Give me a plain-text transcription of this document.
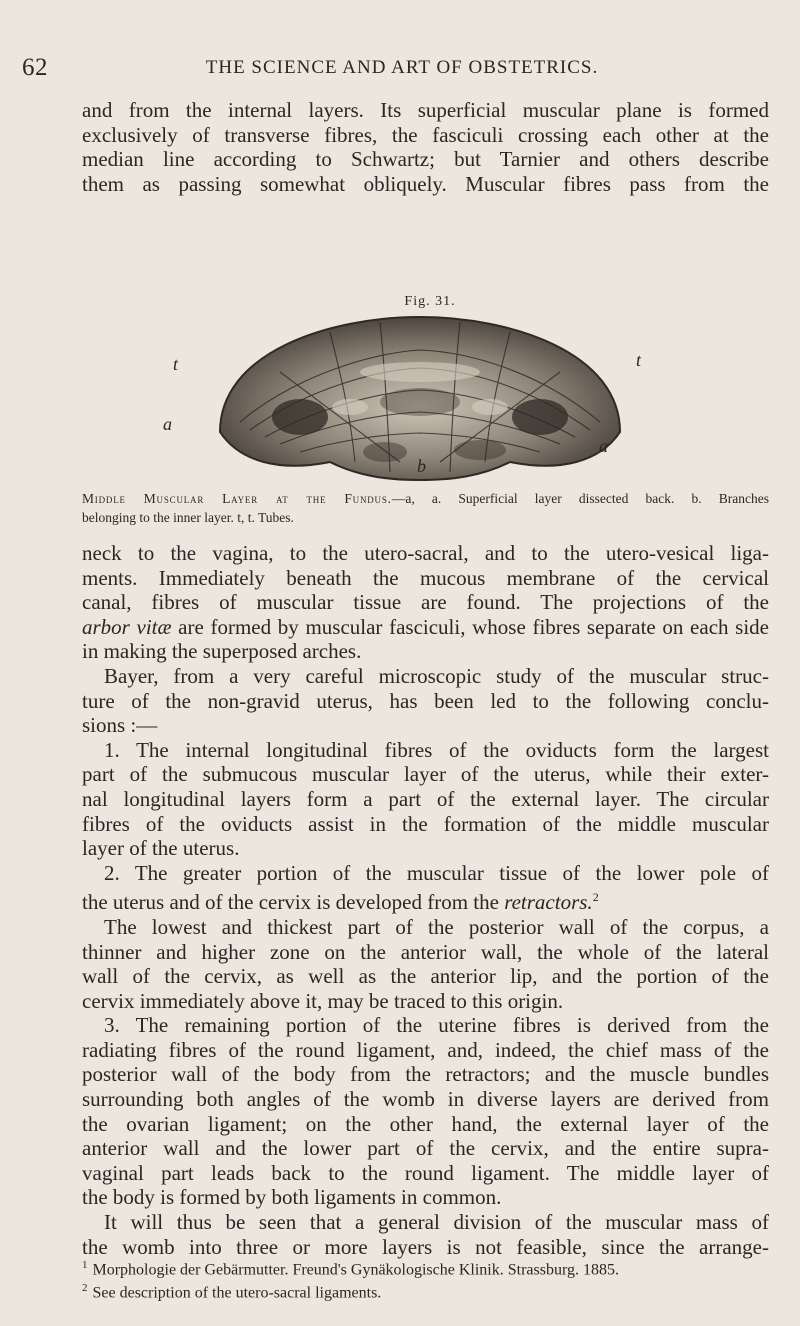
62	THE SCIENCE AND ART OF OBSTETRICS.

and from the internal layers. Its superficial muscular plane is formed

exclusively of transverse fibres, the fasciculi crossing each other at the

median line according to Schwartz; but Tarnier and others describe

them as passing somewhat obliquely. Muscular fibres pass from the

Fig. 31.
t	t
a
a
b

Middle Muscular Layer at the Fundus.—a, a. Superficial layer dissected back. b. Branches

belonging to the inner layer. t, t. Tubes.

neck to the vagina, to the utero-sacral, and to the utero-vesical liga-

ments. Immediately beneath the mucous membrane of the cervical

canal, fibres of muscular tissue are found. The projections of the

arbor vitæ are formed by muscular fasciculi, whose fibres separate on each side

in making the superposed arches.

Bayer, from a very careful microscopic study of the muscular struc-

ture of the non-gravid uterus, has been led to the following conclu-

sions :—

1. The internal longitudinal fibres of the oviducts form the largest

part of the submucous muscular layer of the uterus, while their exter-

nal longitudinal layers form a part of the external layer. The circular

fibres of the oviducts assist in the formation of the middle muscular

layer of the uterus.

2. The greater portion of the muscular tissue of the lower pole of

the uterus and of the cervix is developed from the retractors.$^2$

The lowest and thickest part of the posterior wall of the corpus, a

thinner and higher zone on the anterior wall, the whole of the lateral

wall of the cervix, as well as the anterior lip, and the portion of the

cervix immediately above it, may be traced to this origin.

3. The remaining portion of the uterine fibres is derived from the

radiating fibres of the round ligament, and, indeed, the chief mass of the

posterior wall of the body from the retractors; and the muscle bundles

surrounding both angles of the womb in diverse layers are derived from

the ovarian ligament; on the other hand, the external layer of the

anterior wall and the lower part of the cervix, and the entire supra-

vaginal part leads back to the round ligament. The middle layer of

the body is formed by both ligaments in common.

It will thus be seen that a general division of the muscular mass of

the womb into three or more layers is not feasible, since the arrange-

$^1$ Morphologie der Gebärmutter. Freund's Gynäkologische Klinik. Strassburg. 1885.

$^2$ See description of the utero-sacral ligaments.
